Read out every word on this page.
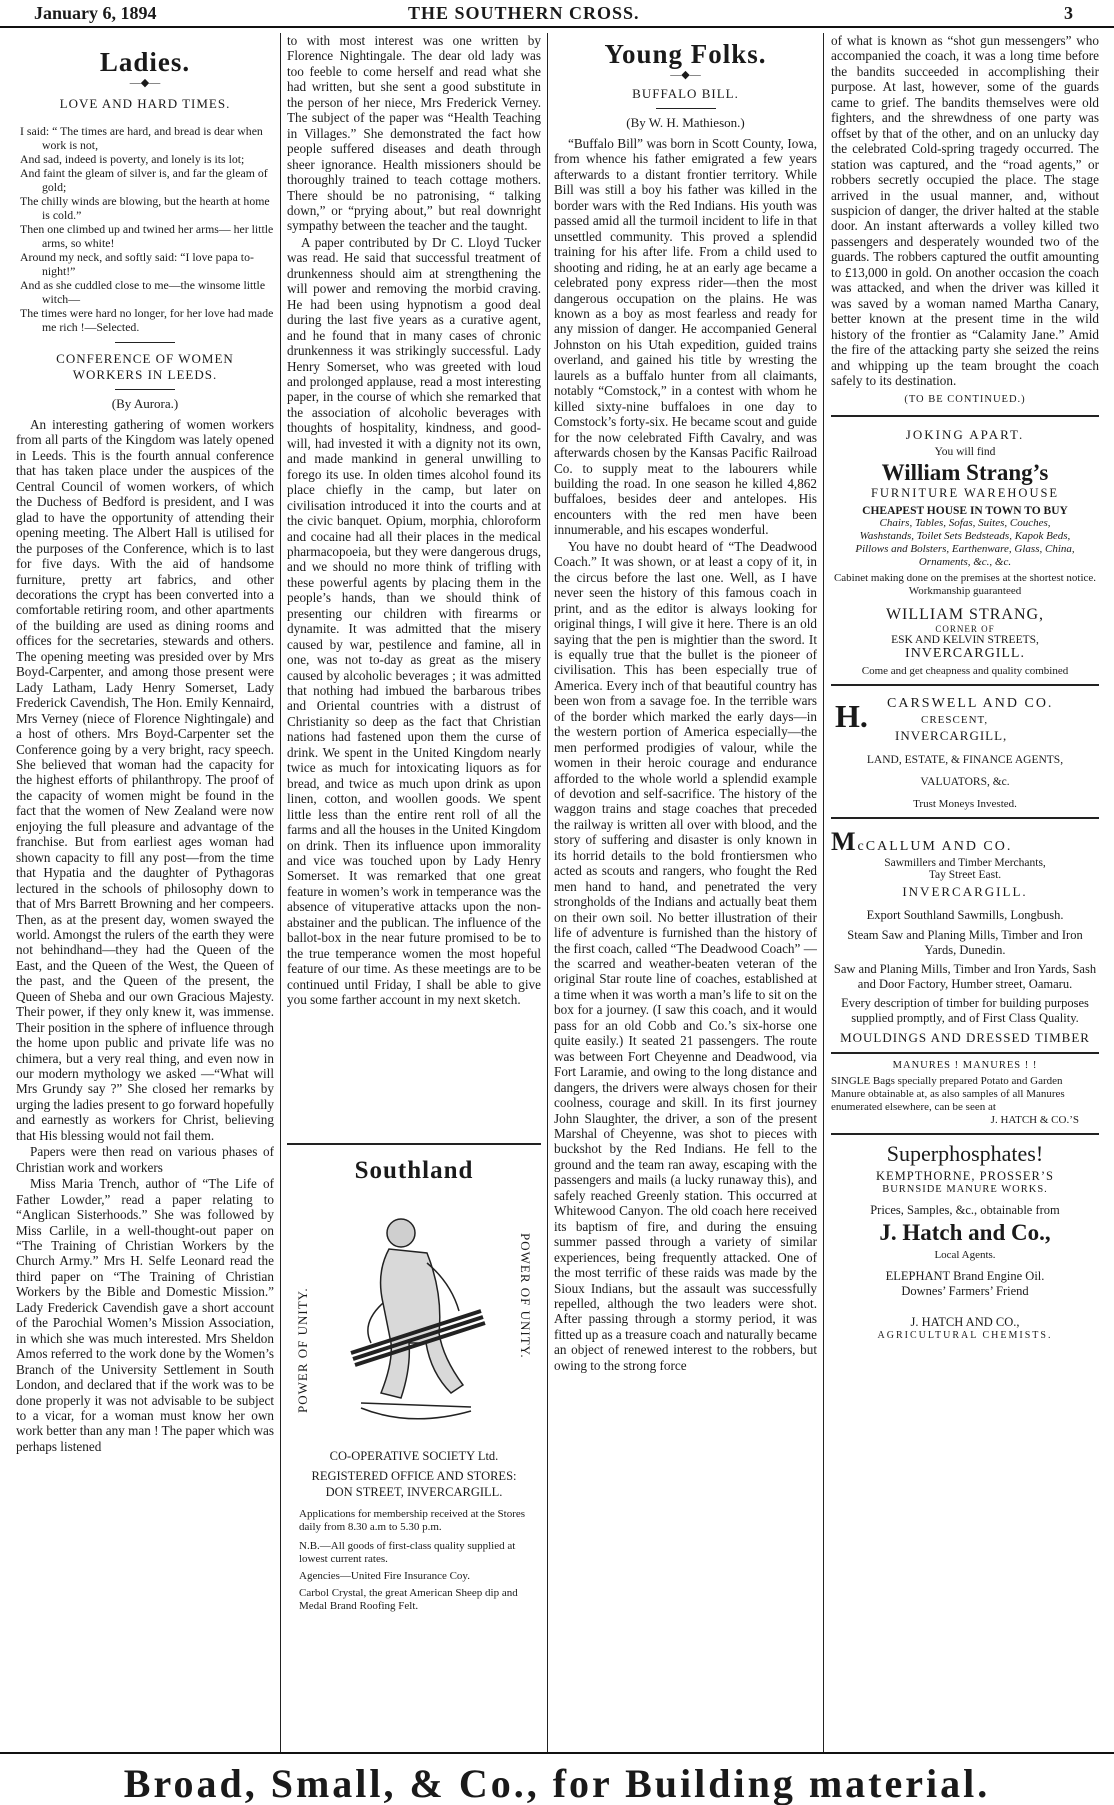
January 6, 1894	THE SOUTHERN CROSS.	3
Ladies.
—◆—
LOVE AND HARD TIMES.
I said: “ The times are hard, and bread is dear when work is not,
And sad, indeed is poverty, and lonely is its lot;
And faint the gleam of silver is, and far the gleam of gold;
The chilly winds are blowing, but the hearth at home is cold.”
Then one climbed up and twined her arms— her little arms, so white!
Around my neck, and softly said: “I love papa to-night!”
And as she cuddled close to me—the winsome little witch—
The times were hard no longer, for her love had made me rich !—Selected.
CONFERENCE OF WOMEN WORKERS IN LEEDS.
(By Aurora.)

An interesting gathering of women workers from all parts of the Kingdom was lately opened in Leeds. This is the fourth annual conference that has taken place under the auspices of the Central Council of women workers, of which the Duchess of Bedford is president, and I was glad to have the opportunity of attending their opening meeting. The Albert Hall is utilised for the purposes of the Conference, which is to last for five days. With the aid of handsome furniture, pretty art fabrics, and other decorations the crypt has been converted into a comfortable retiring room, and other apartments of the building are used as dining rooms and offices for the secretaries, stewards and others. The opening meeting was presided over by Mrs Boyd-Carpenter, and among those present were Lady Latham, Lady Henry Somerset, Lady Frederick Cavendish, The Hon. Emily Kennaird, Mrs Verney (niece of Florence Nightingale) and a host of others. Mrs Boyd-Carpenter set the Conference going by a very bright, racy speech. She believed that woman had the capacity for the highest efforts of philanthropy. The proof of the capacity of women might be found in the fact that the women of New Zealand were now enjoying the full pleasure and advantage of the franchise. But from earliest ages woman had shown capacity to fill any post—from the time that Hypatia and the daughter of Pythagoras lectured in the schools of philosophy down to that of Mrs Barrett Browning and her compeers. Then, as at the present day, women swayed the world. Amongst the rulers of the earth they were not behindhand—they had the Queen of the East, and the Queen of the West, the Queen of the past, and the Queen of the present, the Queen of Sheba and our own Gracious Majesty. Their power, if they only knew it, was immense. Their position in the sphere of influence through the home upon public and private life was no chimera, but a very real thing, and even now in our modern mythology we asked —“What will Mrs Grundy say ?” She closed her remarks by urging the ladies present to go forward hopefully and earnestly as workers for Christ, believing that His blessing would not fail them.

Papers were then read on various phases of Christian work and workers

Miss Maria Trench, author of “The Life of Father Lowder,” read a paper relating to “Anglican Sisterhoods.” She was followed by Miss Carlile, in a well-thought-out paper on “The Training of Christian Workers by the Church Army.” Mrs H. Selfe Leonard read the third paper on “The Training of Christian Workers by the Bible and Domestic Mission.” Lady Frederick Cavendish gave a short account of the Parochial Women’s Mission Association, in which she was much interested. Mrs Sheldon Amos referred to the work done by the Women’s Branch of the University Settlement in South London, and declared that if the work was to be done properly it was not advisable to be subject to a vicar, for a woman must know her own work better than any man ! The paper which was perhaps listened

to with most interest was one written by Florence Nightingale. The dear old lady was too feeble to come herself and read what she had written, but she sent a good substitute in the person of her niece, Mrs Frederick Verney. The subject of the paper was “Health Teaching in Villages.” She demonstrated the fact how people suffered diseases and death through sheer ignorance. Health missioners should be thoroughly trained to teach cottage mothers. There should be no patronising, “ talking down,” or “prying about,” but real downright sympathy between the teacher and the taught.

A paper contributed by Dr C. Lloyd Tucker was read. He said that successful treatment of drunkenness should aim at strengthening the will power and removing the morbid craving. He had been using hypnotism a good deal during the last five years as a curative agent, and he found that in many cases of chronic drunkenness it was strikingly successful. Lady Henry Somerset, who was greeted with loud and prolonged applause, read a most interesting paper, in the course of which she remarked that the association of alcoholic beverages with thoughts of hospitality, kindness, and good-will, had invested it with a dignity not its own, and made mankind in general unwilling to forego its use. In olden times alcohol found its place chiefly in the camp, but later on civilisation introduced it into the courts and at the civic banquet. Opium, morphia, chloroform and cocaine had all their places in the medical pharmacopoeia, but they were dangerous drugs, and we should no more think of trifling with these powerful agents by placing them in the people’s hands, than we should think of presenting our children with firearms or dynamite. It was admitted that the misery caused by war, pestilence and famine, all in one, was not to-day as great as the misery caused by alcoholic beverages ; it was admitted that nothing had imbued the barbarous tribes and Oriental countries with a distrust of Christianity so deep as the fact that Christian nations had fastened upon them the curse of drink. We spent in the United Kingdom nearly twice as much for intoxicating liquors as for bread, and twice as much upon drink as upon linen, cotton, and woollen goods. We spent little less than the entire rent roll of all the farms and all the houses in the United Kingdom on drink. Then its influence upon immorality and vice was touched upon by Lady Henry Somerset. It was remarked that one great feature in women’s work in temperance was the absence of vituperative attacks upon the non-abstainer and the publican. The influence of the ballot-box in the near future promised to be to the true temperance women the most hopeful feature of our time. As these meetings are to be continued until Friday, I shall be able to give you some farther account in my next sketch.

Southland
POWER OF UNITY.	POWER OF UNITY.
CO-OPERATIVE SOCIETY Ltd.
REGISTERED OFFICE AND STORES: DON STREET, INVERCARGILL.
Applications for membership received at the Stores daily from 8.30 a.m to 5.30 p.m.
N.B.—All goods of first-class quality supplied at lowest current rates.
Agencies—United Fire Insurance Coy.
Carbol Crystal, the great American Sheep dip and Medal Brand Roofing Felt.
Young Folks.
—◆—
BUFFALO BILL.
(By W. H. Mathieson.)

“Buffalo Bill” was born in Scott County, Iowa, from whence his father emigrated a few years afterwards to a distant frontier territory. While Bill was still a boy his father was killed in the border wars with the Red Indians. His youth was passed amid all the turmoil incident to life in that unsettled community. This proved a splendid training for his after life. From a child used to shooting and riding, he at an early age became a celebrated pony express rider—then the most dangerous occupation on the plains. He was known as a boy as most fearless and ready for any mission of danger. He accompanied General Johnston on his Utah expedition, guided trains overland, and gained his title by wresting the laurels as a buffalo hunter from all claimants, notably “Comstock,” in a contest with whom he killed sixty-nine buffaloes in one day to Comstock’s forty-six. He became scout and guide for the now celebrated Fifth Cavalry, and was afterwards chosen by the Kansas Pacific Railroad Co. to supply meat to the labourers while building the road. In one season he killed 4,862 buffaloes, besides deer and antelopes. His encounters with the red men have been innumerable, and his escapes wonderful.

You have no doubt heard of “The Deadwood Coach.” It was shown, or at least a copy of it, in the circus before the last one. Well, as I have never seen the history of this famous coach in print, and as the editor is always looking for original things, I will give it here. There is an old saying that the pen is mightier than the sword. It is equally true that the bullet is the pioneer of civilisation. This has been especially true of America. Every inch of that beautiful country has been won from a savage foe. In the terrible wars of the border which marked the early days—in the western portion of America especially—the men performed prodigies of valour, while the women in their heroic courage and endurance afforded to the whole world a splendid example of devotion and self-sacrifice. The history of the waggon trains and stage coaches that preceded the railway is written all over with blood, and the story of suffering and disaster is only known in its horrid details to the bold frontiersmen who acted as scouts and rangers, who fought the Red men hand to hand, and penetrated the very strongholds of the Indians and actually beat them on their own soil. No better illustration of their life of adventure is furnished than the history of the first coach, called “The Deadwood Coach” —the scarred and weather-beaten veteran of the original Star route line of coaches, established at a time when it was worth a man’s life to sit on the box for a journey. (I saw this coach, and it would pass for an old Cobb and Co.’s six-horse one quite easily.) It seated 21 passengers. The route was between Fort Cheyenne and Deadwood, via Fort Laramie, and owing to the long distance and dangers, the drivers were always chosen for their coolness, courage and skill. In its first journey John Slaughter, the driver, a son of the present Marshal of Cheyenne, was shot to pieces with buckshot by the Red Indians. He fell to the ground and the team ran away, escaping with the passengers and mails (a lucky runaway this), and safely reached Greenly station. This occurred at Whitewood Canyon. The old coach here received its baptism of fire, and during the ensuing summer passed through a variety of similar experiences, being frequently attacked. One of the most terrific of these raids was made by the Sioux Indians, but the assault was successfully repelled, although the two leaders were shot. After passing through a stormy period, it was fitted up as a treasure coach and naturally became an object of renewed interest to the robbers, but owing to the strong force

of what is known as “shot gun messengers” who accompanied the coach, it was a long time before the bandits succeeded in accomplishing their purpose. At last, however, some of the guards came to grief. The bandits themselves were old fighters, and the shrewdness of one party was offset by that of the other, and on an unlucky day the celebrated Cold-spring tragedy occurred. The station was captured, and the “road agents,” or robbers secretly occupied the place. The stage arrived in the usual manner, and, without suspicion of danger, the driver halted at the stable door. An instant afterwards a volley killed two passengers and desperately wounded two of the guards. The robbers captured the outfit amounting to £13,000 in gold. On another occasion the coach was attacked, and when the driver was killed it was saved by a woman named Martha Canary, better known at the present time in the wild history of the frontier as “Calamity Jane.” Amid the fire of the attacking party she seized the reins and whipping up the team brought the coach safely to its destination.

(TO BE CONTINUED.)
JOKING APART.
You will find
William Strang’s
FURNITURE WAREHOUSE
CHEAPEST HOUSE IN TOWN TO BUY
Chairs, Tables, Sofas, Suites, Couches, Washstands, Toilet Sets Bedsteads, Kapok Beds, Pillows and Bolsters, Earthenware, Glass, China, Ornaments, &c., &c.
Cabinet making done on the premises at the shortest notice. Workmanship guaranteed
WILLIAM STRANG,
CORNER OF
ESK AND KELVIN STREETS,
INVERCARGILL.
Come and get cheapness and quality combined
H.	CARSWELL AND CO.
CRESCENT,
INVERCARGILL,
LAND, ESTATE, & FINANCE AGENTS,
VALUATORS, &c.
Trust Moneys Invested.
McCALLUM AND CO.
Sawmillers and Timber Merchants,
Tay Street East.
INVERCARGILL.
Export Southland Sawmills, Longbush.
Steam Saw and Planing Mills, Timber and Iron Yards, Dunedin.
Saw and Planing Mills, Timber and Iron Yards, Sash and Door Factory, Humber street, Oamaru.
Every description of timber for building purposes supplied promptly, and of First Class Quality.
MOULDINGS AND DRESSED TIMBER
MANURES ! MANURES ! !
SINGLE Bags specially prepared Potato and Garden Manure obtainable at, as also samples of all Manures enumerated elsewhere, can be seen at
J. HATCH & CO.’S
Superphosphates!
KEMPTHORNE, PROSSER’S
BURNSIDE MANURE WORKS.
Prices, Samples, &c., obtainable from
J. Hatch and Co.,
Local Agents.
ELEPHANT Brand Engine Oil.
Downes’ Farmers’ Friend
J. HATCH AND CO.,
AGRICULTURAL CHEMISTS.
Broad, Small, & Co., for Building material.
